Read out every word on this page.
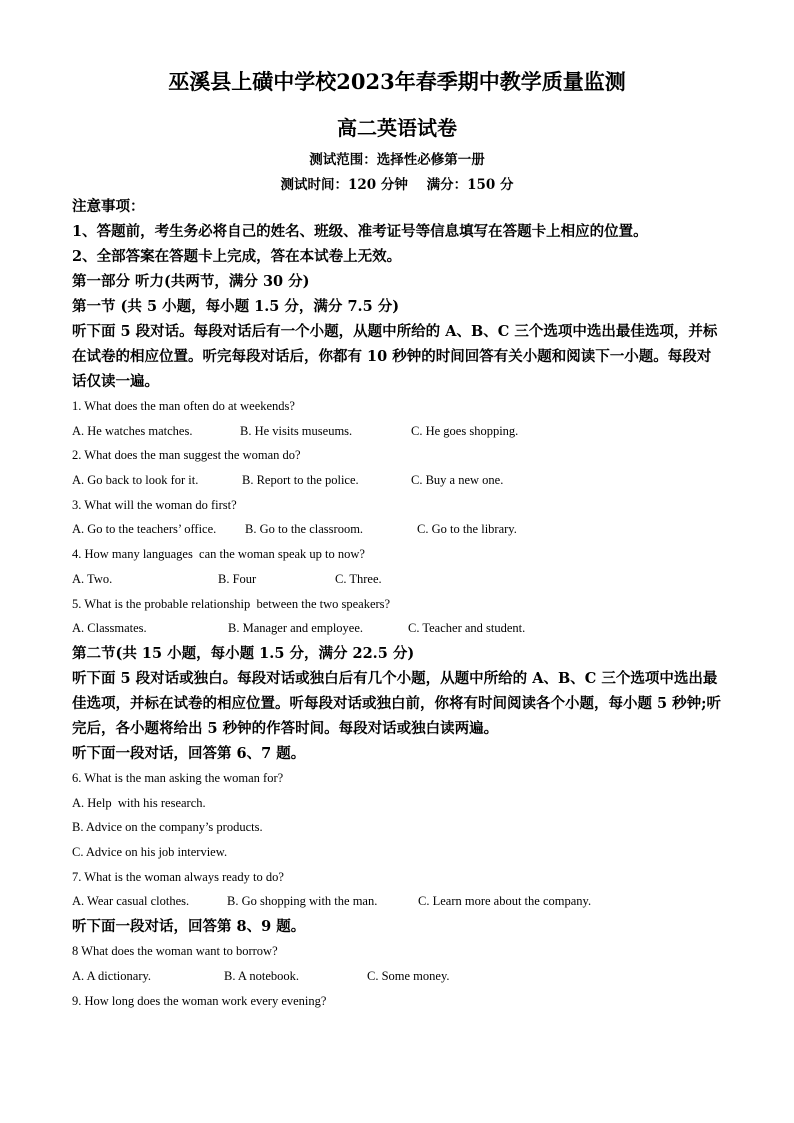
巫溪县上磺中学校2023年春季期中教学质量监测
高二英语试卷
测试范围：选择性必修第一册
测试时间：120 分钟    满分：150 分

注意事项：

1、答题前，考生务必将自己的姓名、班级、准考证号等信息填写在答题卡上相应的位置。

2、全部答案在答题卡上完成，答在本试卷上无效。

第一部分 听力(共两节，满分 30 分)

第一节 (共 5 小题，每小题 1.5 分，满分 7.5 分)

听下面 5 段对话。每段对话后有一个小题，从题中所给的 A、B、C 三个选项中选出最佳选项，并标在试卷的相应位置。听完每段对话后，你都有 10 秒钟的时间回答有关小题和阅读下一小题。每段对话仅读一遍。

1. What does the man often do at weekends?

A. He watches matches.	B. He visits museums.	C. He goes shopping.

2. What does the man suggest the woman do?

A. Go back to look for it.	B. Report to the police.	C. Buy a new one.

3. What will the woman do first?

A. Go to the teachers’ office. B. Go to the classroom.	C. Go to the library.

4. How many languages  can the woman speak up to now?

A. Two.	B. Four	C. Three.

5. What is the probable relationship  between the two speakers?

A. Classmates.	B. Manager and employee.	C. Teacher and student.

第二节(共 15 小题，每小题 1.5 分，满分 22.5 分)

听下面 5 段对话或独白。每段对话或独白后有几个小题，从题中所给的 A、B、C 三个选项中选出最佳选项，并标在试卷的相应位置。听每段对话或独白前，你将有时间阅读各个小题，每小题 5 秒钟;听完后，各小题将给出 5 秒钟的作答时间。每段对话或独白读两遍。

听下面一段对话，回答第 6、7 题。

6. What is the man asking the woman for?

A. Help  with his research.

B. Advice on the company’s products.

C. Advice on his job interview.

7. What is the woman always ready to do?

A. Wear casual clothes.	B. Go shopping with the man.	C. Learn more about the company.

听下面一段对话，回答第 8、9 题。

8 What does the woman want to borrow?

A. A dictionary.	B. A notebook.	C. Some money.

9. How long does the woman work every evening?
